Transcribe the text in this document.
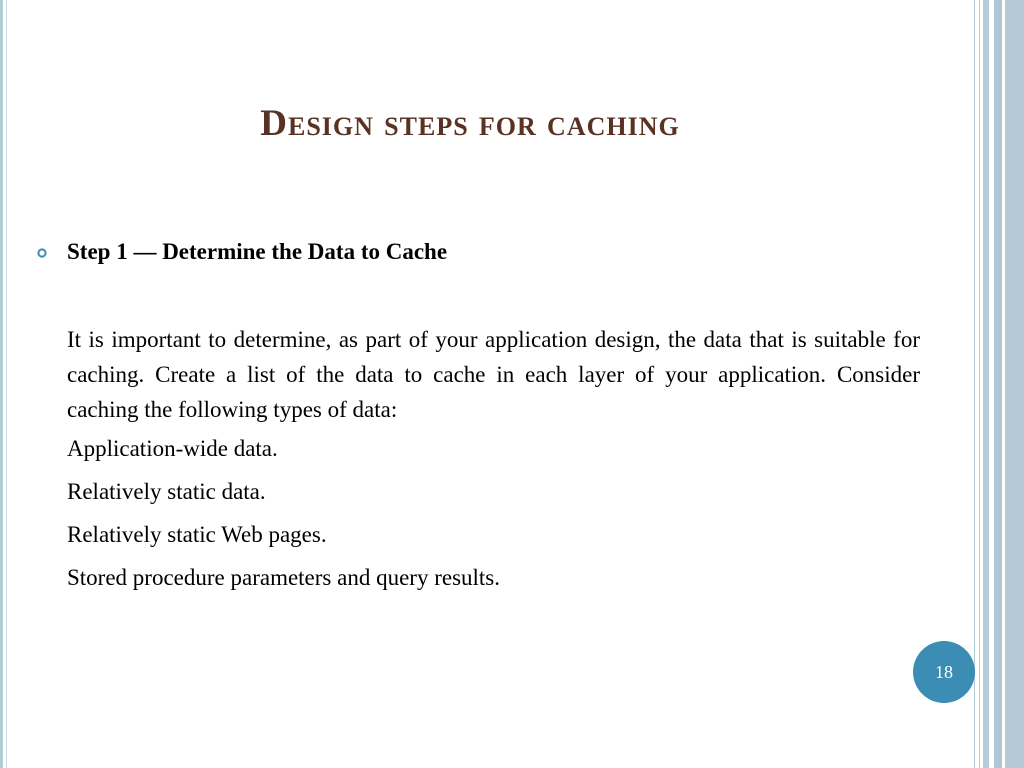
Design steps for caching
Step 1 — Determine the Data to Cache

It is important to determine, as part of your application design, the data that is suitable for caching. Create a list of the data to cache in each layer of your application. Consider caching the following types of data:

Application-wide data.
Relatively static data.
Relatively static Web pages.
Stored procedure parameters and query results.
18
